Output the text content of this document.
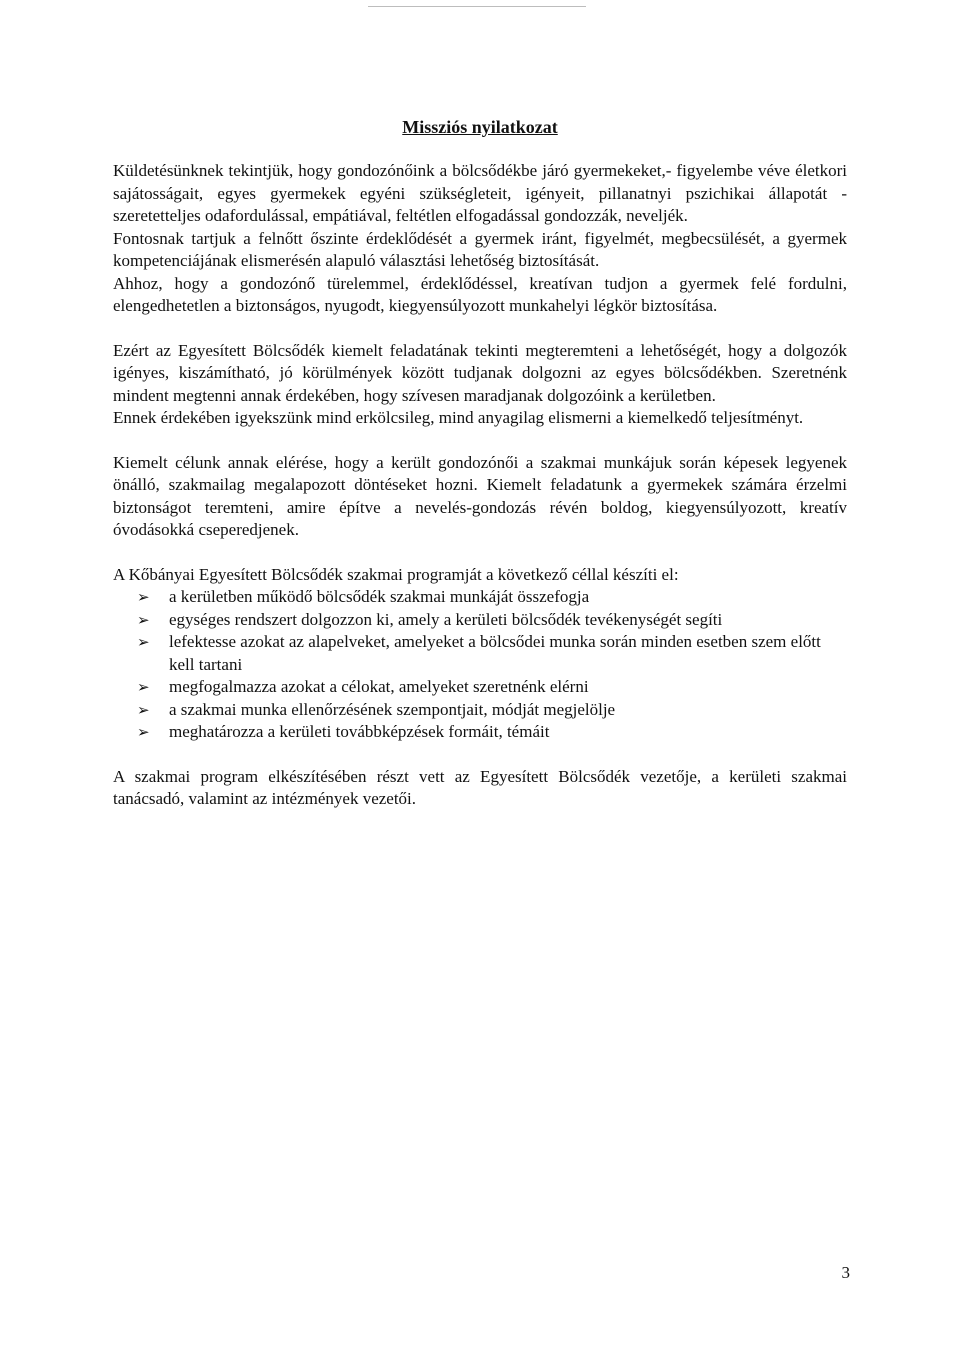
Missziós nyilatkozat

Küldetésünknek tekintjük, hogy gondozónőink a bölcsődékbe járó gyermekeket,- figyelembe véve életkori sajátosságait, egyes gyermekek egyéni szükségleteit, igényeit, pillanatnyi pszichikai állapotát - szeretetteljes odafordulással, empátiával, feltétlen elfogadással gondozzák, neveljék.

Fontosnak tartjuk a felnőtt őszinte érdeklődését a gyermek iránt, figyelmét, megbecsülését, a gyermek kompetenciájának elismerésén alapuló választási lehetőség biztosítását.

Ahhoz, hogy a gondozónő türelemmel, érdeklődéssel, kreatívan tudjon a gyermek felé fordulni, elengedhetetlen a biztonságos, nyugodt, kiegyensúlyozott munkahelyi légkör biztosítása.

Ezért az Egyesített Bölcsődék kiemelt feladatának tekinti megteremteni a lehetőségét, hogy a dolgozók igényes, kiszámítható, jó körülmények között tudjanak dolgozni az egyes bölcsődékben. Szeretnénk mindent megtenni annak érdekében, hogy szívesen maradjanak dolgozóink a kerületben.

Ennek érdekében igyekszünk mind erkölcsileg, mind anyagilag elismerni a kiemelkedő teljesítményt.

Kiemelt célunk annak elérése, hogy a került gondozónői a szakmai munkájuk során képesek legyenek önálló, szakmailag megalapozott döntéseket hozni. Kiemelt feladatunk a gyermekek számára érzelmi biztonságot teremteni, amire építve a nevelés-gondozás révén boldog, kiegyensúlyozott, kreatív óvodásokká cseperedjenek.

A Kőbányai Egyesített Bölcsődék szakmai programját a következő céllal készíti el:

➢ a kerületben működő bölcsődék szakmai munkáját összefogja
➢ egységes rendszert dolgozzon ki, amely a kerületi bölcsődék tevékenységét segíti
➢ lefektesse azokat az alapelveket, amelyeket a bölcsődei munka során minden esetben szem előtt kell tartani
➢ megfogalmazza azokat a célokat, amelyeket szeretnénk elérni
➢ a szakmai munka ellenőrzésének szempontjait, módját megjelölje
➢ meghatározza a kerületi továbbképzések formáit, témáit

A szakmai program elkészítésében részt vett az Egyesített Bölcsődék vezetője, a kerületi szakmai tanácsadó, valamint az intézmények vezetői.

3
